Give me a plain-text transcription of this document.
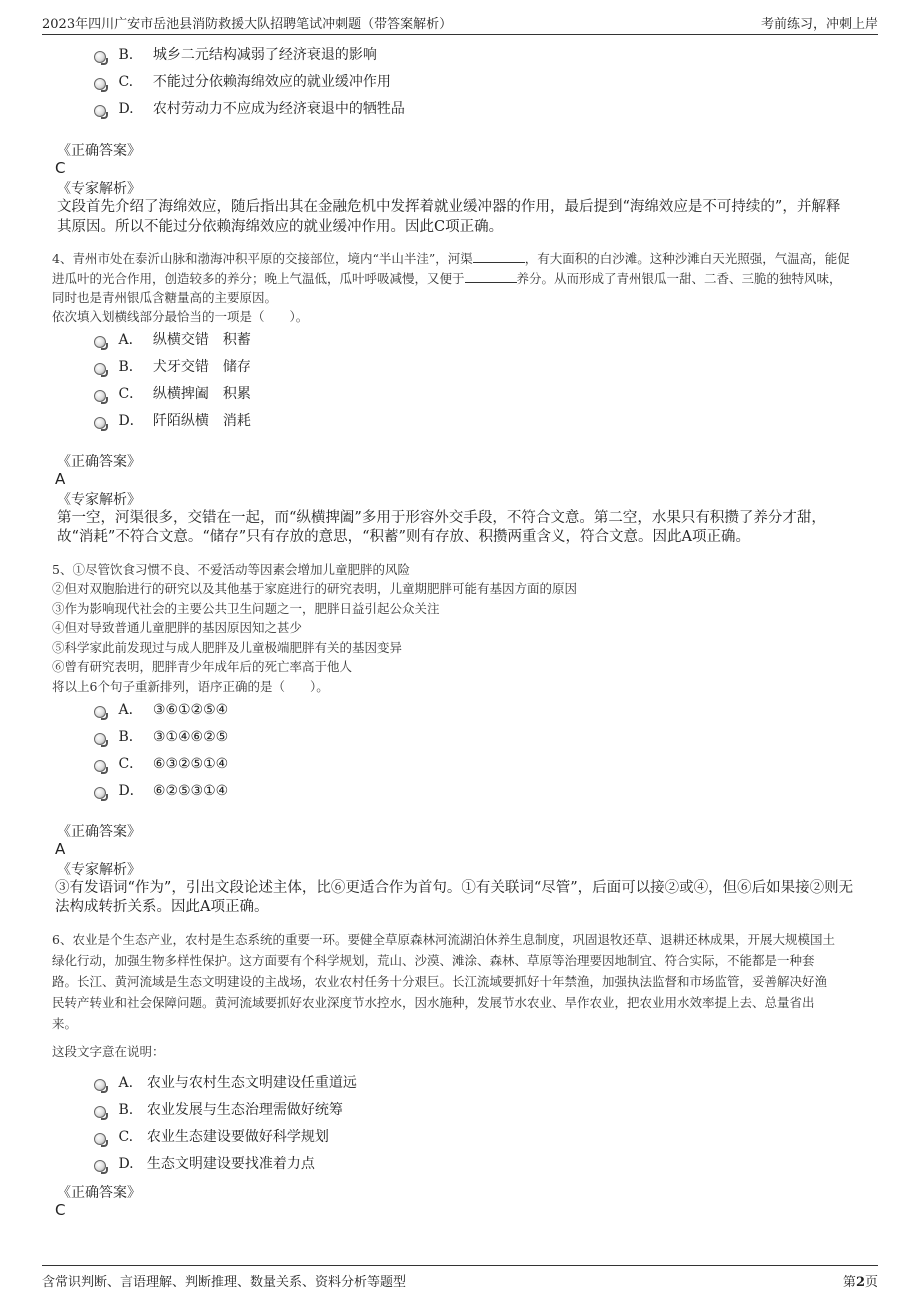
2023年四川广安市岳池县消防救援大队招聘笔试冲刺题（带答案解析）	考前练习，冲刺上岸
B. 城乡二元结构减弱了经济衰退的影响
C. 不能过分依赖海绵效应的就业缓冲作用
D. 农村劳动力不应成为经济衰退中的牺牲品
《正确答案》
C
《专家解析》
文段首先介绍了海绵效应，随后指出其在金融危机中发挥着就业缓冲器的作用，最后提到“海绵效应是不可持续的”，并解释
其原因。所以不能过分依赖海绵效应的就业缓冲作用。因此C项正确。
4、青州市处在泰沂山脉和渤海冲积平原的交接部位，境内“半山半洼”，河渠	，有大面积的白沙滩。这种沙滩白天光照强，气温高，能促
进瓜叶的光合作用，创造较多的养分；晚上气温低，瓜叶呼吸减慢，又便于	养分。从而形成了青州银瓜一甜、二香、三脆的独特风味，
同时也是青州银瓜含糖量高的主要原因。
依次填入划横线部分最恰当的一项是（　　）。
A． 纵横交错　积蓄
B． 犬牙交错　储存
C． 纵横捭阖　积累
D． 阡陌纵横　消耗
《正确答案》
A
《专家解析》
第一空，河渠很多，交错在一起，而“纵横捭阖”多用于形容外交手段，不符合文意。第二空，水果只有积攒了养分才甜，
故“消耗”不符合文意。“储存”只有存放的意思，“积蓄”则有存放、积攒两重含义，符合文意。因此A项正确。
5、①尽管饮食习惯不良、不爱活动等因素会增加儿童肥胖的风险
②但对双胞胎进行的研究以及其他基于家庭进行的研究表明，儿童期肥胖可能有基因方面的原因
③作为影响现代社会的主要公共卫生问题之一，肥胖日益引起公众关注
④但对导致普通儿童肥胖的基因原因知之甚少
⑤科学家此前发现过与成人肥胖及儿童极端肥胖有关的基因变异
⑥曾有研究表明，肥胖青少年成年后的死亡率高于他人
将以上6个句子重新排列，语序正确的是（　　）。
A． ③⑥①②⑤④
B． ③①④⑥②⑤
C． ⑥③②⑤①④
D． ⑥②⑤③①④
《正确答案》
A
《专家解析》
③有发语词“作为”，引出文段论述主体，比⑥更适合作为首句。①有关联词“尽管”，后面可以接②或④，但⑥后如果接②则无
法构成转折关系。因此A项正确。
6、农业是个生态产业，农村是生态系统的重要一环。要健全草原森林河流湖泊休养生息制度，巩固退牧还草、退耕还林成果，开展大规模国土
绿化行动，加强生物多样性保护。这方面要有个科学规划，荒山、沙漠、滩涂、森林、草原等治理要因地制宜、符合实际，不能都是一种套
路。长江、黄河流域是生态文明建设的主战场，农业农村任务十分艰巨。长江流域要抓好十年禁渔，加强执法监督和市场监管，妥善解决好渔
民转产转业和社会保障问题。黄河流域要抓好农业深度节水控水，因水施种，发展节水农业、旱作农业，把农业用水效率提上去、总量省出
来。
这段文字意在说明：
A. 农业与农村生态文明建设任重道远
B. 农业发展与生态治理需做好统筹
C. 农业生态建设要做好科学规划
D. 生态文明建设要找准着力点
《正确答案》
C
含常识判断、言语理解、判断推理、数量关系、资料分析等题型	第2页
